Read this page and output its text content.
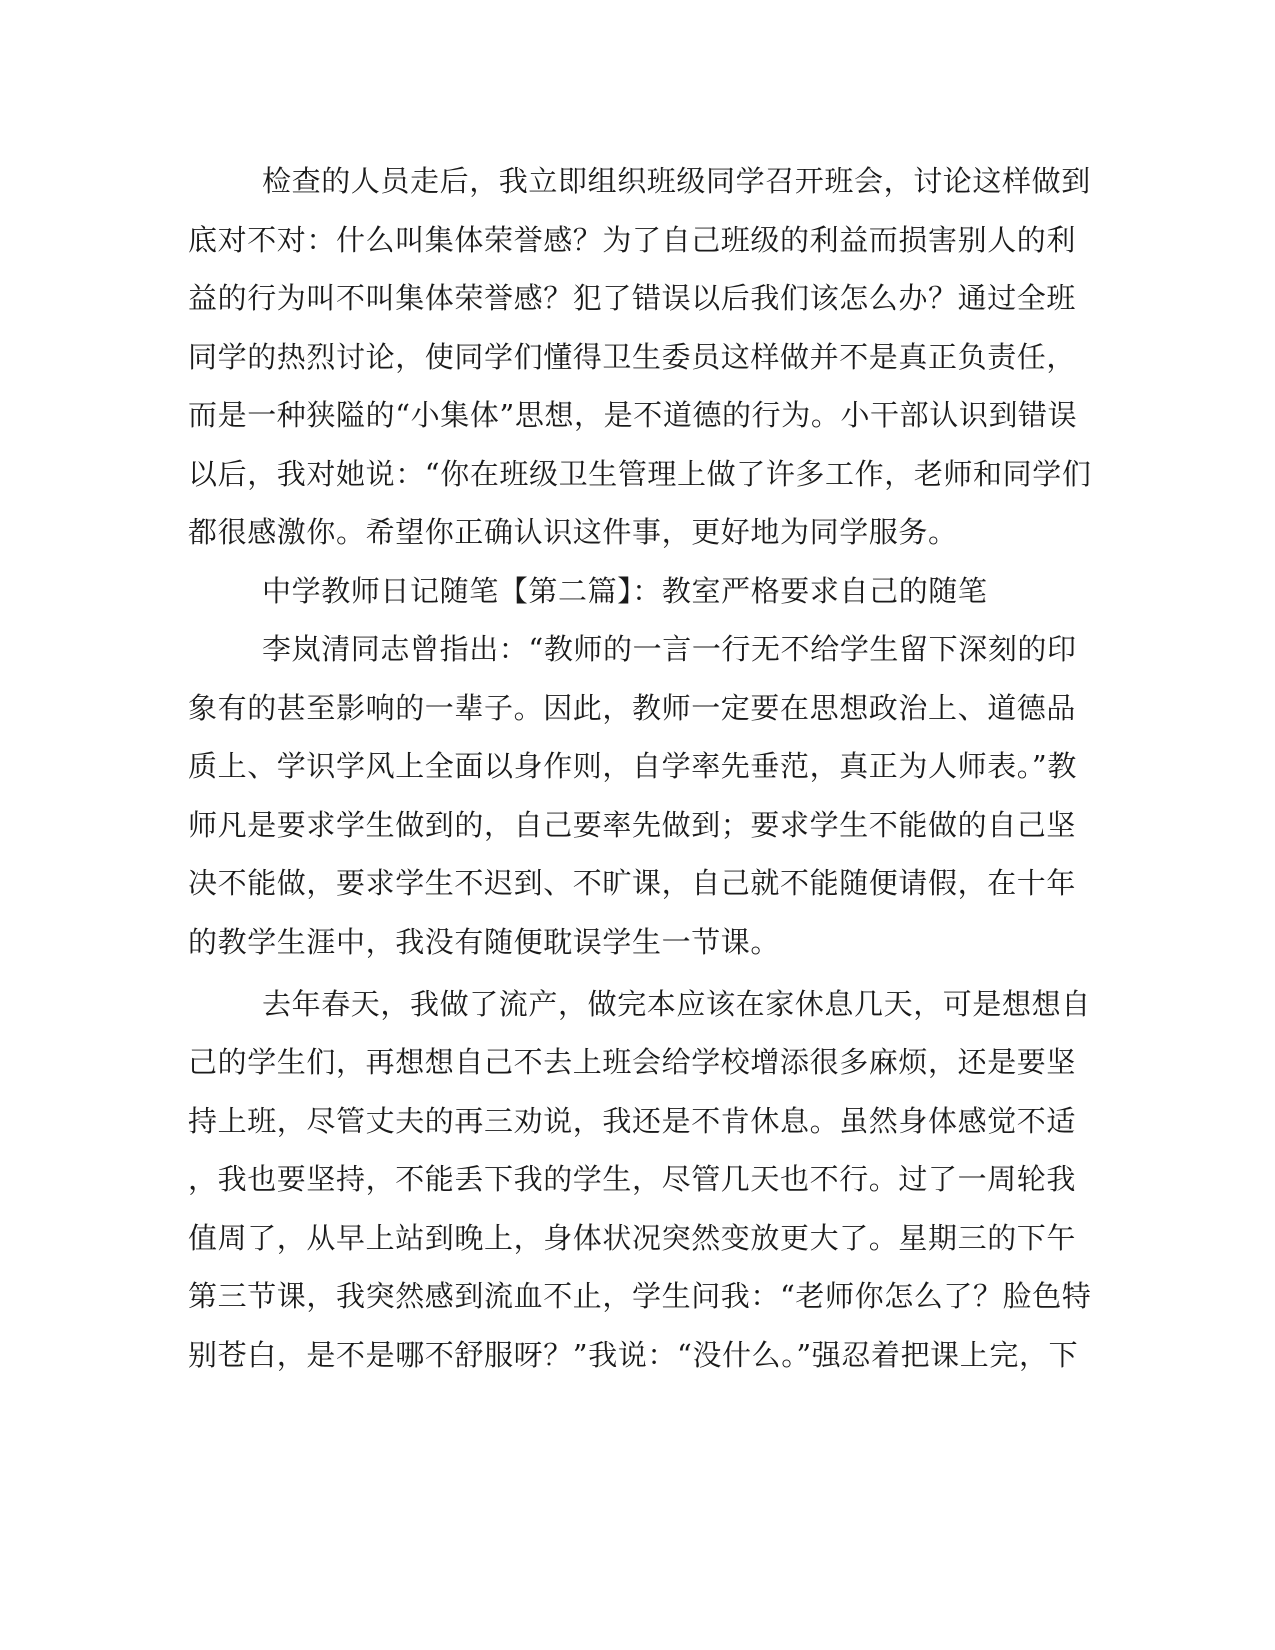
检查的人员走后，我立即组织班级同学召开班会，讨论这样做到
底对不对：什么叫集体荣誉感？为了自己班级的利益而损害别人的利
益的行为叫不叫集体荣誉感？犯了错误以后我们该怎么办？通过全班
同学的热烈讨论，使同学们懂得卫生委员这样做并不是真正负责任，
而是一种狭隘的“小集体”思想，是不道德的行为。小干部认识到错误
以后，我对她说：“你在班级卫生管理上做了许多工作，老师和同学们
都很感激你。希望你正确认识这件事，更好地为同学服务。
中学教师日记随笔【第二篇】：教室严格要求自己的随笔
李岚清同志曾指出：“教师的一言一行无不给学生留下深刻的印
象有的甚至影响的一辈子。因此，教师一定要在思想政治上、道德品
质上、学识学风上全面以身作则，自学率先垂范，真正为人师表。”教
师凡是要求学生做到的，自己要率先做到；要求学生不能做的自己坚
决不能做，要求学生不迟到、不旷课，自己就不能随便请假，在十年
的教学生涯中，我没有随便耽误学生一节课。
去年春天，我做了流产，做完本应该在家休息几天，可是想想自
己的学生们，再想想自己不去上班会给学校增添很多麻烦，还是要坚
持上班，尽管丈夫的再三劝说，我还是不肯休息。虽然身体感觉不适
，我也要坚持，不能丢下我的学生，尽管几天也不行。过了一周轮我
值周了，从早上站到晚上，身体状况突然变放更大了。星期三的下午
第三节课，我突然感到流血不止，学生问我：“老师你怎么了？脸色特
别苍白，是不是哪不舒服呀？”我说：“没什么。”强忍着把课上完，下
